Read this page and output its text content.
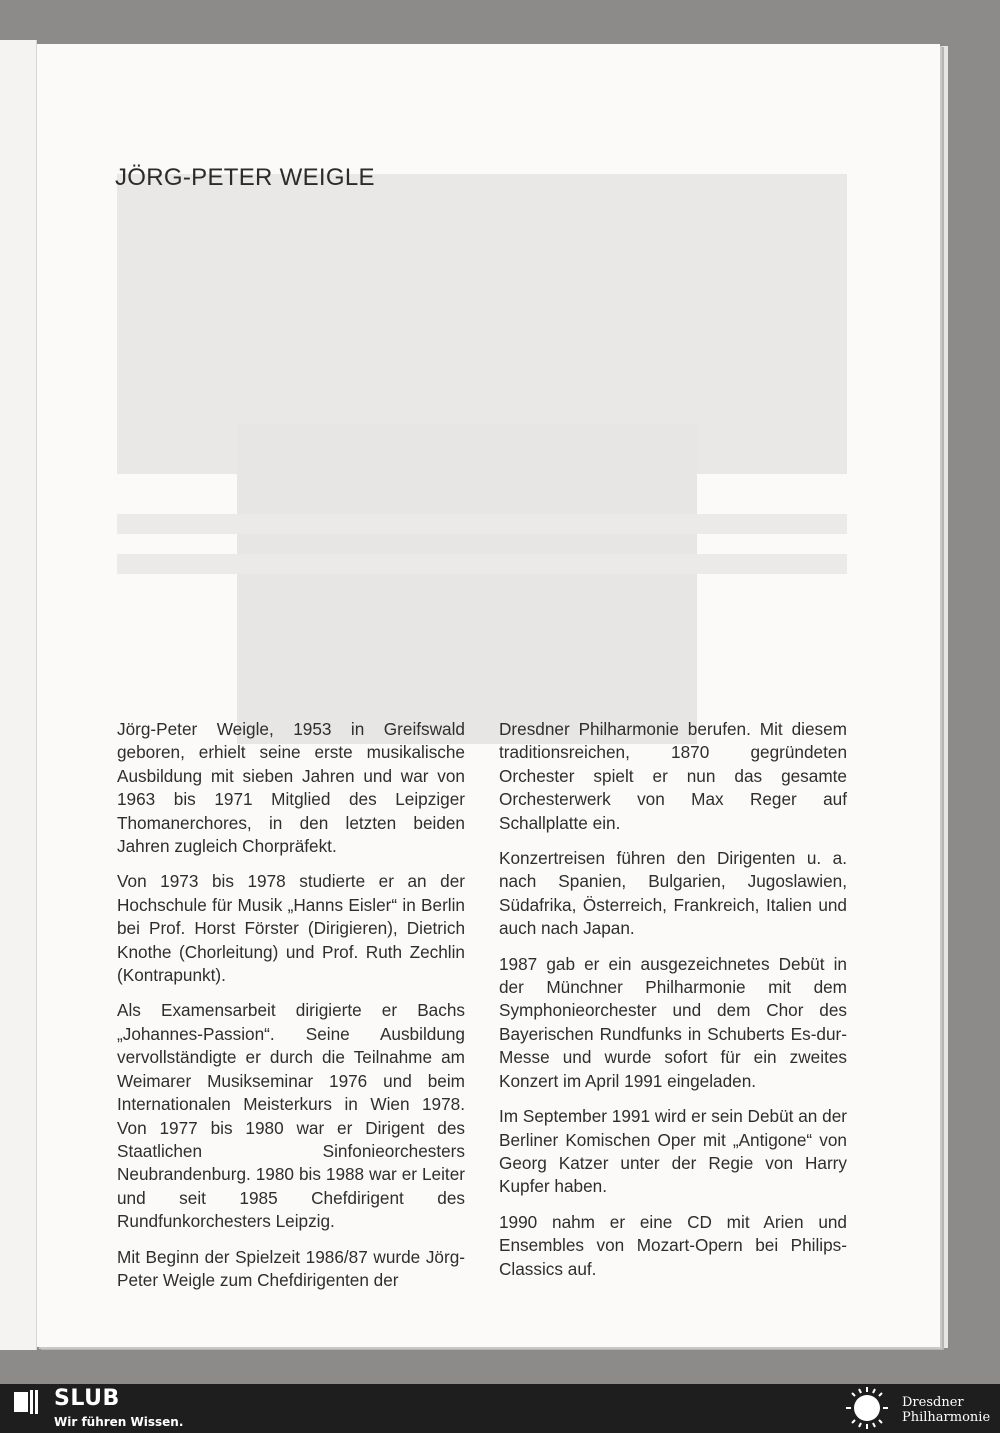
JÖRG-PETER WEIGLE

Jörg-Peter Weigle, 1953 in Greifswald geboren, erhielt seine erste musikalische Ausbildung mit sieben Jahren und war von 1963 bis 1971 Mitglied des Leipziger Thomanerchores, in den letzten beiden Jahren zugleich Chorpräfekt.

Von 1973 bis 1978 studierte er an der Hochschule für Musik „Hanns Eisler“ in Berlin bei Prof. Horst Förster (Dirigieren), Dietrich Knothe (Chorleitung) und Prof. Ruth Zechlin (Kontrapunkt).

Als Examensarbeit dirigierte er Bachs „Johannes-Passion“. Seine Ausbildung vervollständigte er durch die Teilnahme am Weimarer Musikseminar 1976 und beim Internationalen Meisterkurs in Wien 1978. Von 1977 bis 1980 war er Dirigent des Staatlichen Sinfonieorchesters Neubrandenburg. 1980 bis 1988 war er Leiter und seit 1985 Chefdirigent des Rundfunkorchesters Leipzig.

Mit Beginn der Spielzeit 1986/87 wurde Jörg-Peter Weigle zum Chefdirigenten der

Dresdner Philharmonie berufen. Mit diesem traditionsreichen, 1870 gegründeten Orchester spielt er nun das gesamte Orchesterwerk von Max Reger auf Schallplatte ein.

Konzertreisen führen den Dirigenten u. a. nach Spanien, Bulgarien, Jugoslawien, Südafrika, Österreich, Frankreich, Italien und auch nach Japan.

1987 gab er ein ausgezeichnetes Debüt in der Münchner Philharmonie mit dem Symphonieorchester und dem Chor des Bayerischen Rundfunks in Schuberts Es-dur-Messe und wurde sofort für ein zweites Konzert im April 1991 eingeladen.

Im September 1991 wird er sein Debüt an der Berliner Komischen Oper mit „Antigone“ von Georg Katzer unter der Regie von Harry Kupfer haben.

1990 nahm er eine CD mit Arien und Ensembles von Mozart-Opern bei Philips-Classics auf.

SLUB
Wir führen Wissen.
Dresdner
Philharmonie
